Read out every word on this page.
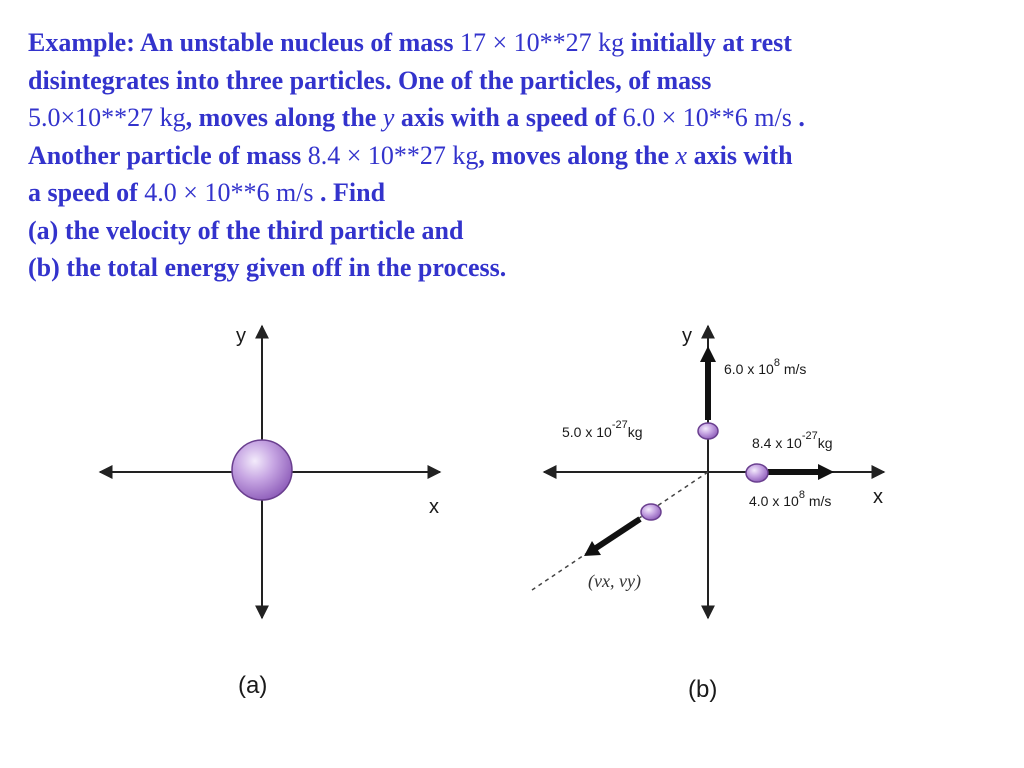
Example: An unstable nucleus of mass 17 × 10**27 kg initially at rest
disintegrates into three particles. One of the particles, of mass
5.0×10**27 kg, moves along the y axis with a speed of 6.0 × 10**6 m/s .
Another particle of mass 8.4 × 10**27 kg, moves along the x axis with
a speed of 4.0 × 10**6 m/s . Find
(a) the velocity of the third particle and
(b) the total energy given off in the process.
y
x
(a)
y
x
6.0 x $10^8$ m/s
5.0 x $10^{-27}kg$
8.4 x $10^{-27}kg$
4.0 x $10^8$ m/s
(vx, vy)
(b)
